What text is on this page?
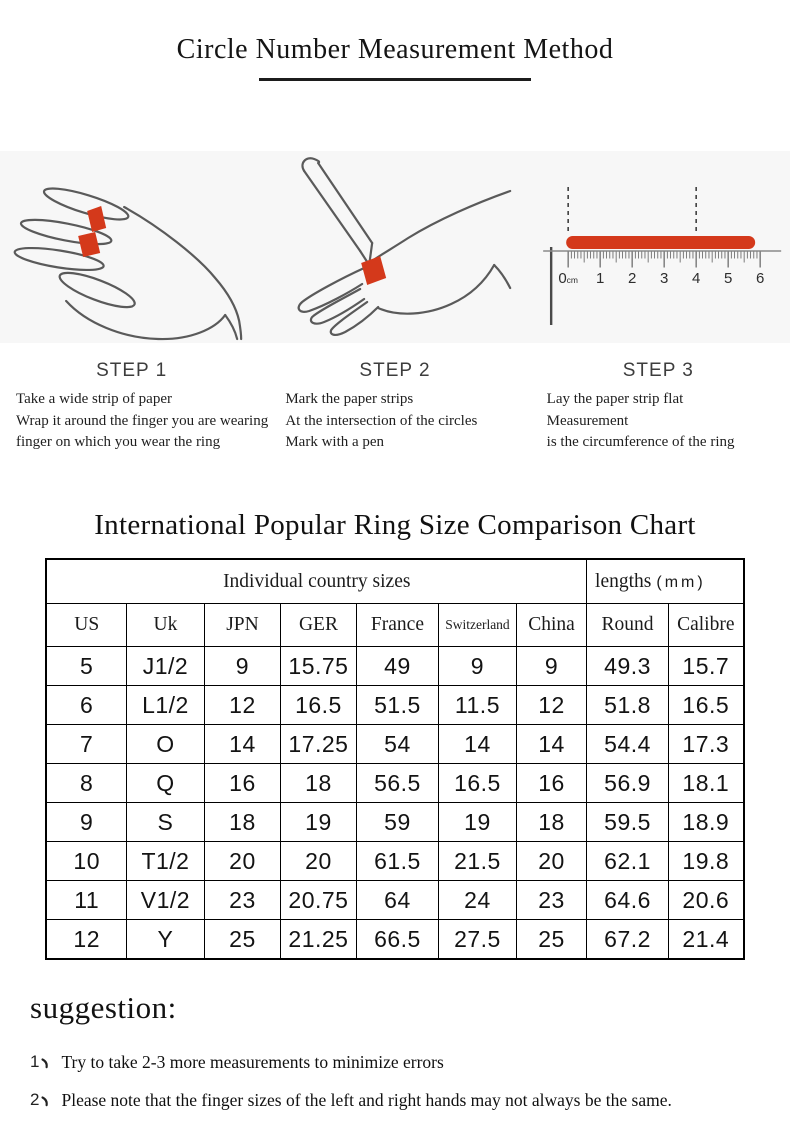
Circle Number Measurement Method
0cm 1 2 3 4 5 6
STEP 1
Take a wide strip of paper
Wrap it around the finger you are wearing
finger on which you wear the ring
STEP 2
Mark the paper strips
At the intersection of the circles
Mark with a pen
STEP 3
Lay the paper strip flat
Measurement
is the circumference of the ring
International Popular Ring Size Comparison Chart
Individual country sizes							lengths (mm)	
US	Uk	JPN	GER	France	Switzerland	China	Round	Calibre
5	J1/2	9	15.75	49	9	9	49.3	15.7
6	L1/2	12	16.5	51.5	11.5	12	51.8	16.5
7	O	14	17.25	54	14	14	54.4	17.3
8	Q	16	18	56.5	16.5	16	56.9	18.1
9	S	18	19	59	19	18	59.5	18.9
10	T1/2	20	20	61.5	21.5	20	62.1	19.8
11	V1/2	23	20.75	64	24	23	64.6	20.6
12	Y	25	21.25	66.5	27.5	25	67.2	21.4
suggestion:
1 Try to take 2-3 more measurements to minimize errors
2 Please note that the finger sizes of the left and right hands may not always be the same.
